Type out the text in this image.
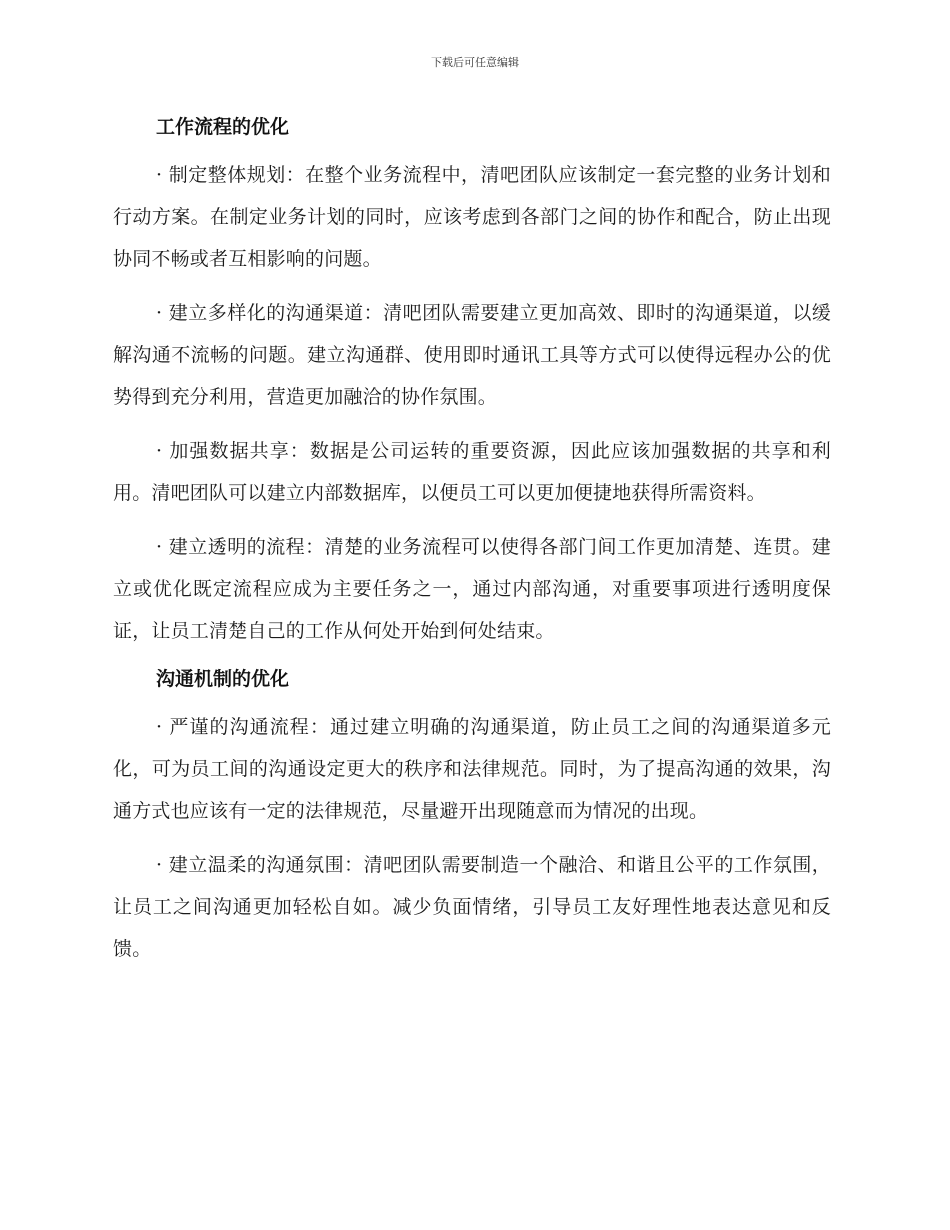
下载后可任意编辑
工作流程的优化

· 制定整体规划：在整个业务流程中，清吧团队应该制定一套完整的业务计划和行动方案。在制定业务计划的同时，应该考虑到各部门之间的协作和配合，防止出现协同不畅或者互相影响的问题。

· 建立多样化的沟通渠道：清吧团队需要建立更加高效、即时的沟通渠道，以缓解沟通不流畅的问题。建立沟通群、使用即时通讯工具等方式可以使得远程办公的优势得到充分利用，营造更加融洽的协作氛围。

· 加强数据共享：数据是公司运转的重要资源，因此应该加强数据的共享和利用。清吧团队可以建立内部数据库，以便员工可以更加便捷地获得所需资料。

· 建立透明的流程：清楚的业务流程可以使得各部门间工作更加清楚、连贯。建立或优化既定流程应成为主要任务之一，通过内部沟通，对重要事项进行透明度保证，让员工清楚自己的工作从何处开始到何处结束。

沟通机制的优化

· 严谨的沟通流程：通过建立明确的沟通渠道，防止员工之间的沟通渠道多元化，可为员工间的沟通设定更大的秩序和法律规范。同时，为了提高沟通的效果，沟通方式也应该有一定的法律规范，尽量避开出现随意而为情况的出现。

· 建立温柔的沟通氛围：清吧团队需要制造一个融洽、和谐且公平的工作氛围，让员工之间沟通更加轻松自如。减少负面情绪，引导员工友好理性地表达意见和反馈。
